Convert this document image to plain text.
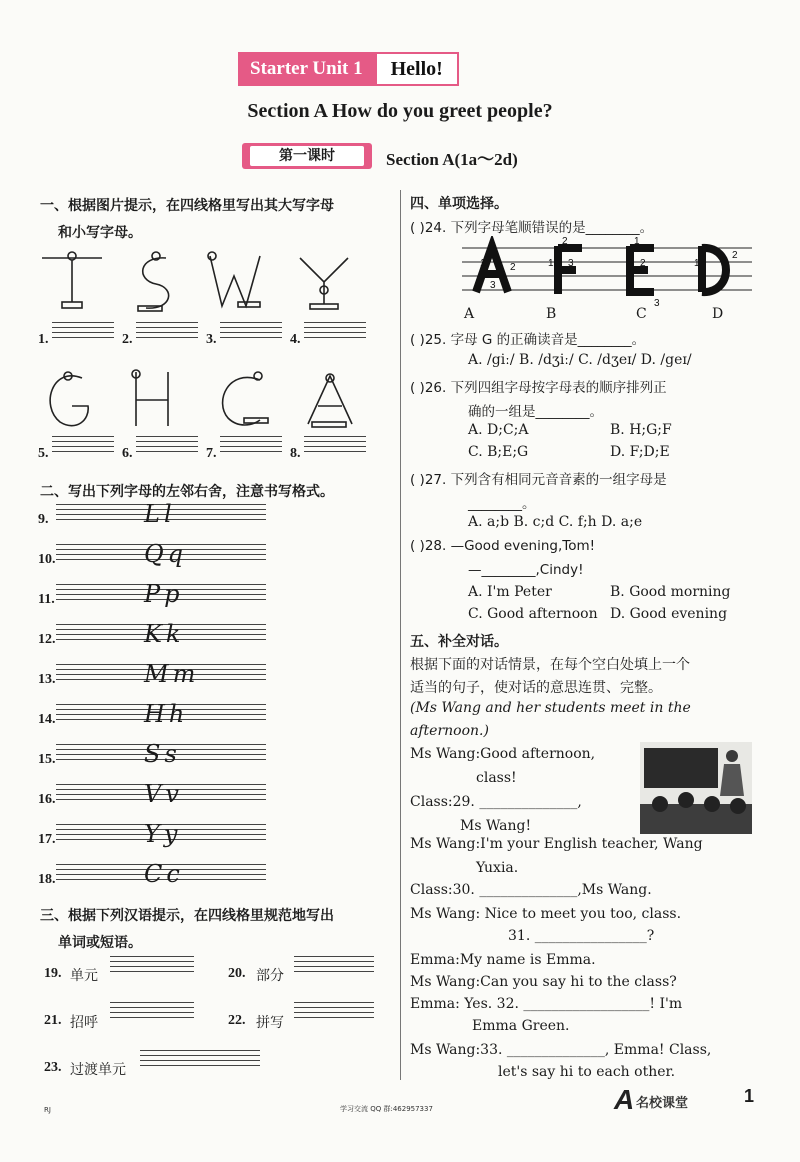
Starter Unit 1	Hello!
Section A How do you greet people?
第一课时	Section A(1a～2d)
一、根据图片提示，在四线格里写出其大写字母
和小写字母。
1.	2.	3.	4.
5.	6.	7.	8.
二、写出下列字母的左邻右舍，注意书写格式。
9.	Ll
10.	Qq
11.	Pp
12.	Kk
13.	Mm
14.	Hh
15.	Ss
16.	Vv
17.	Yy
18.	Cc
三、根据下列汉语提示，在四线格里规范地写出
单词或短语。
19. 单元	20. 部分
21. 招呼	22. 拼写
23. 过渡单元
四、单项选择。
( )24. 下列字母笔顺错误的是________。
1 2
3
2
1 3
1
2
3
1
2
A	B	C	D
( )25. 字母 G 的正确读音是________。
A. /giː/ B. /dʒiː/ C. /dʒeɪ/ D. /geɪ/
( )26. 下列四组字母按字母表的顺序排列正
确的一组是________。
A. D;C;A	B. H;G;F
C. B;E;G	D. F;D;E
( )27. 下列含有相同元音音素的一组字母是
________。
A. a;b B. c;d C. f;h D. a;e
( )28. —Good evening,Tom!
—________,Cindy!
A. I'm Peter	B. Good morning
C. Good afternoon D. Good evening
五、补全对话。
根据下面的对话情景，在每个空白处填上一个
适当的句子，使对话的意思连贯、完整。
(Ms Wang and her students meet in the
afternoon.)
Ms Wang:Good afternoon,
class!
Class:29. ______________,
Ms Wang!
Ms Wang:I'm your English teacher, Wang
Yuxia.
Class:30. ______________,Ms Wang.
Ms Wang: Nice to meet you too, class.
31. ________________?
Emma:My name is Emma.
Ms Wang:Can you say hi to the class?
Emma: Yes. 32. __________________! I'm
Emma Green.
Ms Wang:33. ______________, Emma! Class,
let's say hi to each other.
RJ	学习交流 QQ 群:462957337	A 名校课堂	1
